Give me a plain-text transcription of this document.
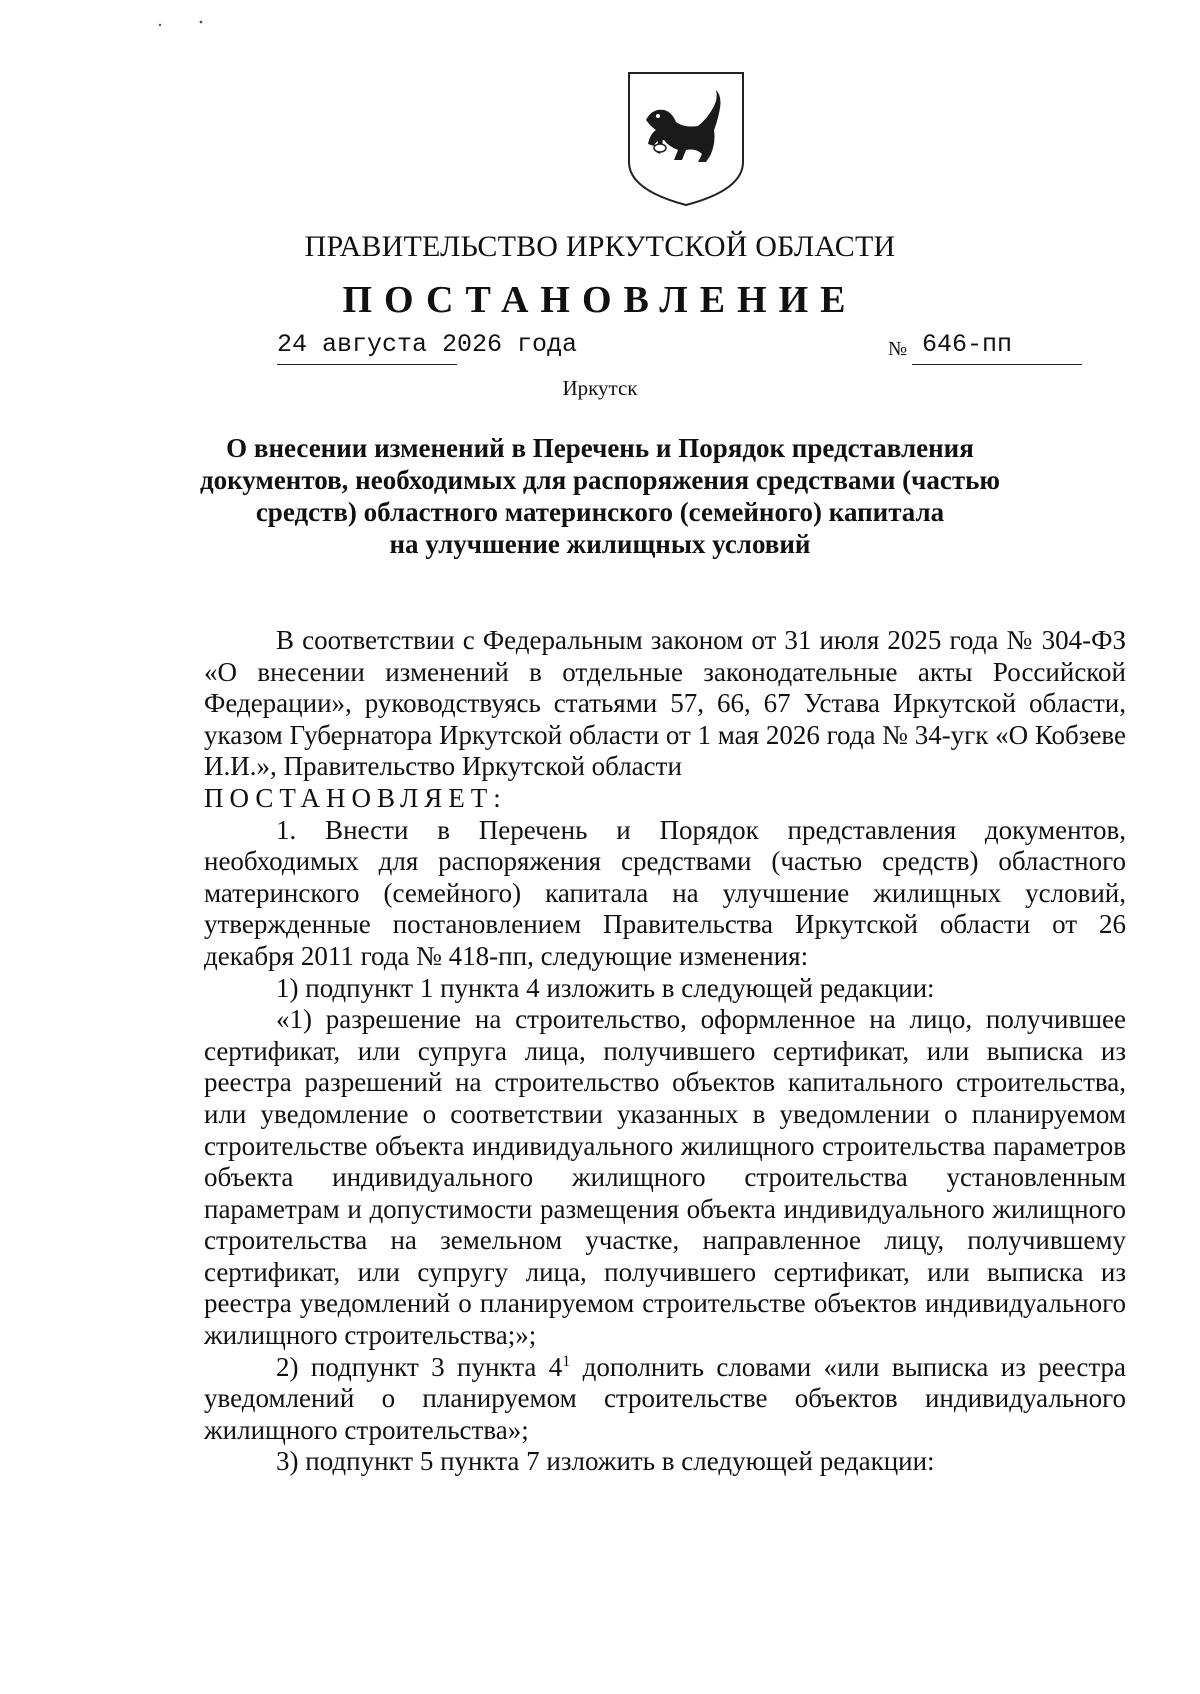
ПРАВИТЕЛЬСТВО ИРКУТСКОЙ ОБЛАСТИ
ПОСТАНОВЛЕНИЕ
24 августа 2026 года	№ 646-пп
Иркутск
О внесении изменений в Перечень и Порядок представления
документов, необходимых для распоряжения средствами (частью
средств) областного материнского (семейного) капитала
на улучшение жилищных условий

В соответствии с Федеральным законом от 31 июля 2025 года № 304-ФЗ «О внесении изменений в отдельные законодательные акты Российской Федерации», руководствуясь статьями 57, 66, 67 Устава Иркутской области, указом Губернатора Иркутской области от 1 мая 2026 года № 34-угк «О Кобзеве И.И.», Правительство Иркутской области

ПОСТАНОВЛЯЕТ:

1. Внести в Перечень и Порядок представления документов, необходимых для распоряжения средствами (частью средств) областного материнского (семейного) капитала на улучшение жилищных условий, утвержденные постановлением Правительства Иркутской области от 26 декабря 2011 года № 418-пп, следующие изменения:

1) подпункт 1 пункта 4 изложить в следующей редакции:

«1) разрешение на строительство, оформленное на лицо, получившее сертификат, или супруга лица, получившего сертификат, или выписка из реестра разрешений на строительство объектов капитального строительства, или уведомление о соответствии указанных в уведомлении о планируемом строительстве объекта индивидуального жилищного строительства параметров объекта индивидуального жилищного строительства установленным параметрам и допустимости размещения объекта индивидуального жилищного строительства на земельном участке, направленное лицу, получившему сертификат, или супругу лица, получившего сертификат, или выписка из реестра уведомлений о планируемом строительстве объектов индивидуального жилищного строительства;»;

2) подпункт 3 пункта $4^1$ дополнить словами «или выписка из реестра уведомлений о планируемом строительстве объектов индивидуального жилищного строительства»;

3) подпункт 5 пункта 7 изложить в следующей редакции:
